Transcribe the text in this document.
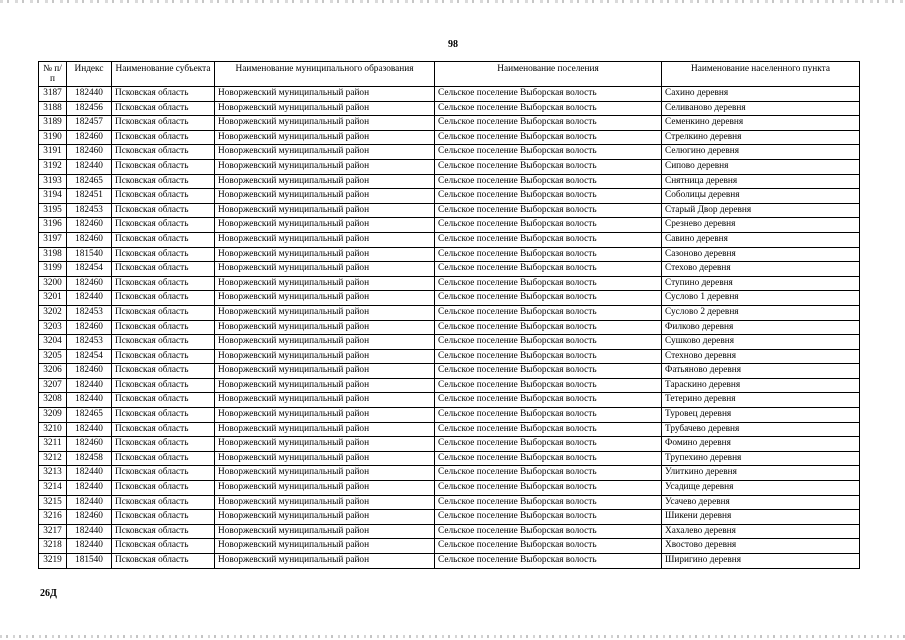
98
№ п/п	Индекс	Наименование субъекта	Наименование муниципального образования	Наименование поселения	Наименование населенного пункта
3187	182440	Псковская область	Новоржевский муниципальный район	Сельское поселение Выборская волость	Сахино деревня
3188	182456	Псковская область	Новоржевский муниципальный район	Сельское поселение Выборская волость	Селиваново деревня
3189	182457	Псковская область	Новоржевский муниципальный район	Сельское поселение Выборская волость	Семенкино деревня
3190	182460	Псковская область	Новоржевский муниципальный район	Сельское поселение Выборская волость	Стрелкино деревня
3191	182460	Псковская область	Новоржевский муниципальный район	Сельское поселение Выборская волость	Селюгино деревня
3192	182440	Псковская область	Новоржевский муниципальный район	Сельское поселение Выборская волость	Сипово деревня
3193	182465	Псковская область	Новоржевский муниципальный район	Сельское поселение Выборская волость	Снятница деревня
3194	182451	Псковская область	Новоржевский муниципальный район	Сельское поселение Выборская волость	Соболицы деревня
3195	182453	Псковская область	Новоржевский муниципальный район	Сельское поселение Выборская волость	Старый Двор деревня
3196	182460	Псковская область	Новоржевский муниципальный район	Сельское поселение Выборская волость	Срезнево деревня
3197	182460	Псковская область	Новоржевский муниципальный район	Сельское поселение Выборская волость	Савино деревня
3198	181540	Псковская область	Новоржевский муниципальный район	Сельское поселение Выборская волость	Сазоново деревня
3199	182454	Псковская область	Новоржевский муниципальный район	Сельское поселение Выборская волость	Стехово деревня
3200	182460	Псковская область	Новоржевский муниципальный район	Сельское поселение Выборская волость	Ступино деревня
3201	182440	Псковская область	Новоржевский муниципальный район	Сельское поселение Выборская волость	Суслово 1 деревня
3202	182453	Псковская область	Новоржевский муниципальный район	Сельское поселение Выборская волость	Суслово 2 деревня
3203	182460	Псковская область	Новоржевский муниципальный район	Сельское поселение Выборская волость	Филково деревня
3204	182453	Псковская область	Новоржевский муниципальный район	Сельское поселение Выборская волость	Сушково деревня
3205	182454	Псковская область	Новоржевский муниципальный район	Сельское поселение Выборская волость	Стехново деревня
3206	182460	Псковская область	Новоржевский муниципальный район	Сельское поселение Выборская волость	Фатьяново деревня
3207	182440	Псковская область	Новоржевский муниципальный район	Сельское поселение Выборская волость	Тараскино деревня
3208	182440	Псковская область	Новоржевский муниципальный район	Сельское поселение Выборская волость	Тетерино деревня
3209	182465	Псковская область	Новоржевский муниципальный район	Сельское поселение Выборская волость	Туровец деревня
3210	182440	Псковская область	Новоржевский муниципальный район	Сельское поселение Выборская волость	Трубачево деревня
3211	182460	Псковская область	Новоржевский муниципальный район	Сельское поселение Выборская волость	Фомино деревня
3212	182458	Псковская область	Новоржевский муниципальный район	Сельское поселение Выборская волость	Трупехино деревня
3213	182440	Псковская область	Новоржевский муниципальный район	Сельское поселение Выборская волость	Улиткино деревня
3214	182440	Псковская область	Новоржевский муниципальный район	Сельское поселение Выборская волость	Усадище деревня
3215	182440	Псковская область	Новоржевский муниципальный район	Сельское поселение Выборская волость	Усачево деревня
3216	182460	Псковская область	Новоржевский муниципальный район	Сельское поселение Выборская волость	Шикени деревня
3217	182440	Псковская область	Новоржевский муниципальный район	Сельское поселение Выборская волость	Хахалево деревня
3218	182440	Псковская область	Новоржевский муниципальный район	Сельское поселение Выборская волость	Хвостово деревня
3219	181540	Псковская область	Новоржевский муниципальный район	Сельское поселение Выборская волость	Ширигино деревня
26Д
